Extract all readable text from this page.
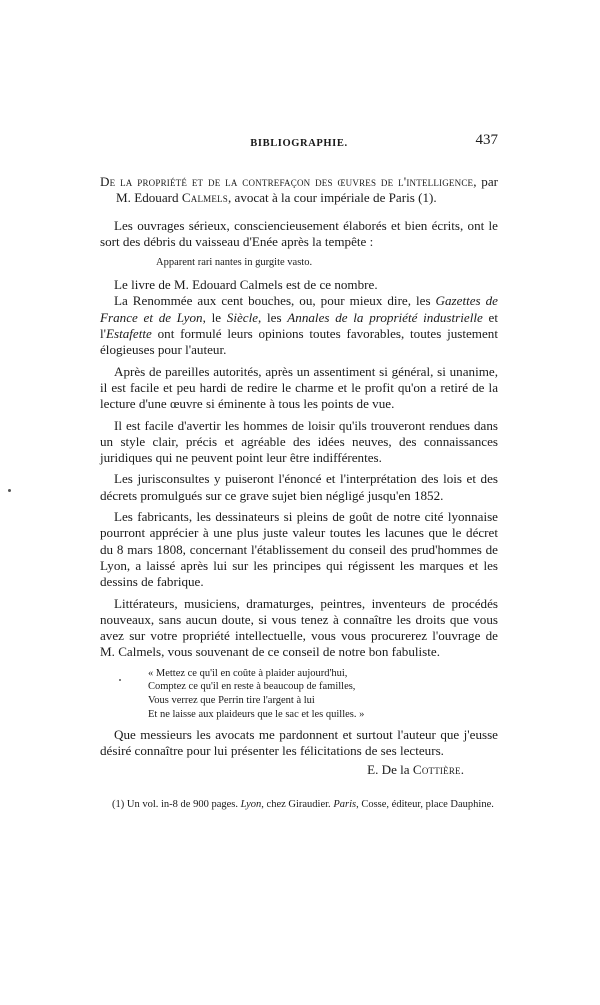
BIBLIOGRAPHIE.	437

De la propriété et de la contrefaçon des œuvres de l'intelligence, par M. Edouard Calmels, avocat à la cour impériale de Paris (1).

Les ouvrages sérieux, consciencieusement élaborés et bien écrits, ont le sort des débris du vaisseau d'Enée après la tempête :

Apparent rari nantes in gurgite vasto.

Le livre de M. Edouard Calmels est de ce nombre.

La Renommée aux cent bouches, ou, pour mieux dire, les Gazettes de France et de Lyon, le Siècle, les Annales de la propriété industrielle et l'Estafette ont formulé leurs opinions toutes favorables, toutes justement élogieuses pour l'auteur.

Après de pareilles autorités, après un assentiment si général, si unanime, il est facile et peu hardi de redire le charme et le profit qu'on a retiré de la lecture d'une œuvre si éminente à tous les points de vue.

Il est facile d'avertir les hommes de loisir qu'ils trouveront rendues dans un style clair, précis et agréable des idées neuves, des connaissances juridiques qui ne peuvent point leur être indifférentes.

Les jurisconsultes y puiseront l'énoncé et l'interprétation des lois et des décrets promulgués sur ce grave sujet bien négligé jusqu'en 1852.

Les fabricants, les dessinateurs si pleins de goût de notre cité lyonnaise pourront apprécier à une plus juste valeur toutes les lacunes que le décret du 8 mars 1808, concernant l'établissement du conseil des prud'hommes de Lyon, a laissé après lui sur les principes qui régissent les marques et les dessins de fabrique.

Littérateurs, musiciens, dramaturges, peintres, inventeurs de procédés nouveaux, sans aucun doute, si vous tenez à connaître les droits que vous avez sur votre propriété intellectuelle, vous vous procurerez l'ouvrage de M. Calmels, vous souvenant de ce conseil de notre bon fabuliste.

« Mettez ce qu'il en coûte à plaider aujourd'hui,
Comptez ce qu'il en reste à beaucoup de familles,
Vous verrez que Perrin tire l'argent à lui
Et ne laisse aux plaideurs que le sac et les quilles. »

Que messieurs les avocats me pardonnent et surtout l'auteur que j'eusse désiré connaître pour lui présenter les félicitations de ses lecteurs.

E. De la Cottière.

(1) Un vol. in-8 de 900 pages. Lyon, chez Giraudier. Paris, Cosse, éditeur, place Dauphine.
